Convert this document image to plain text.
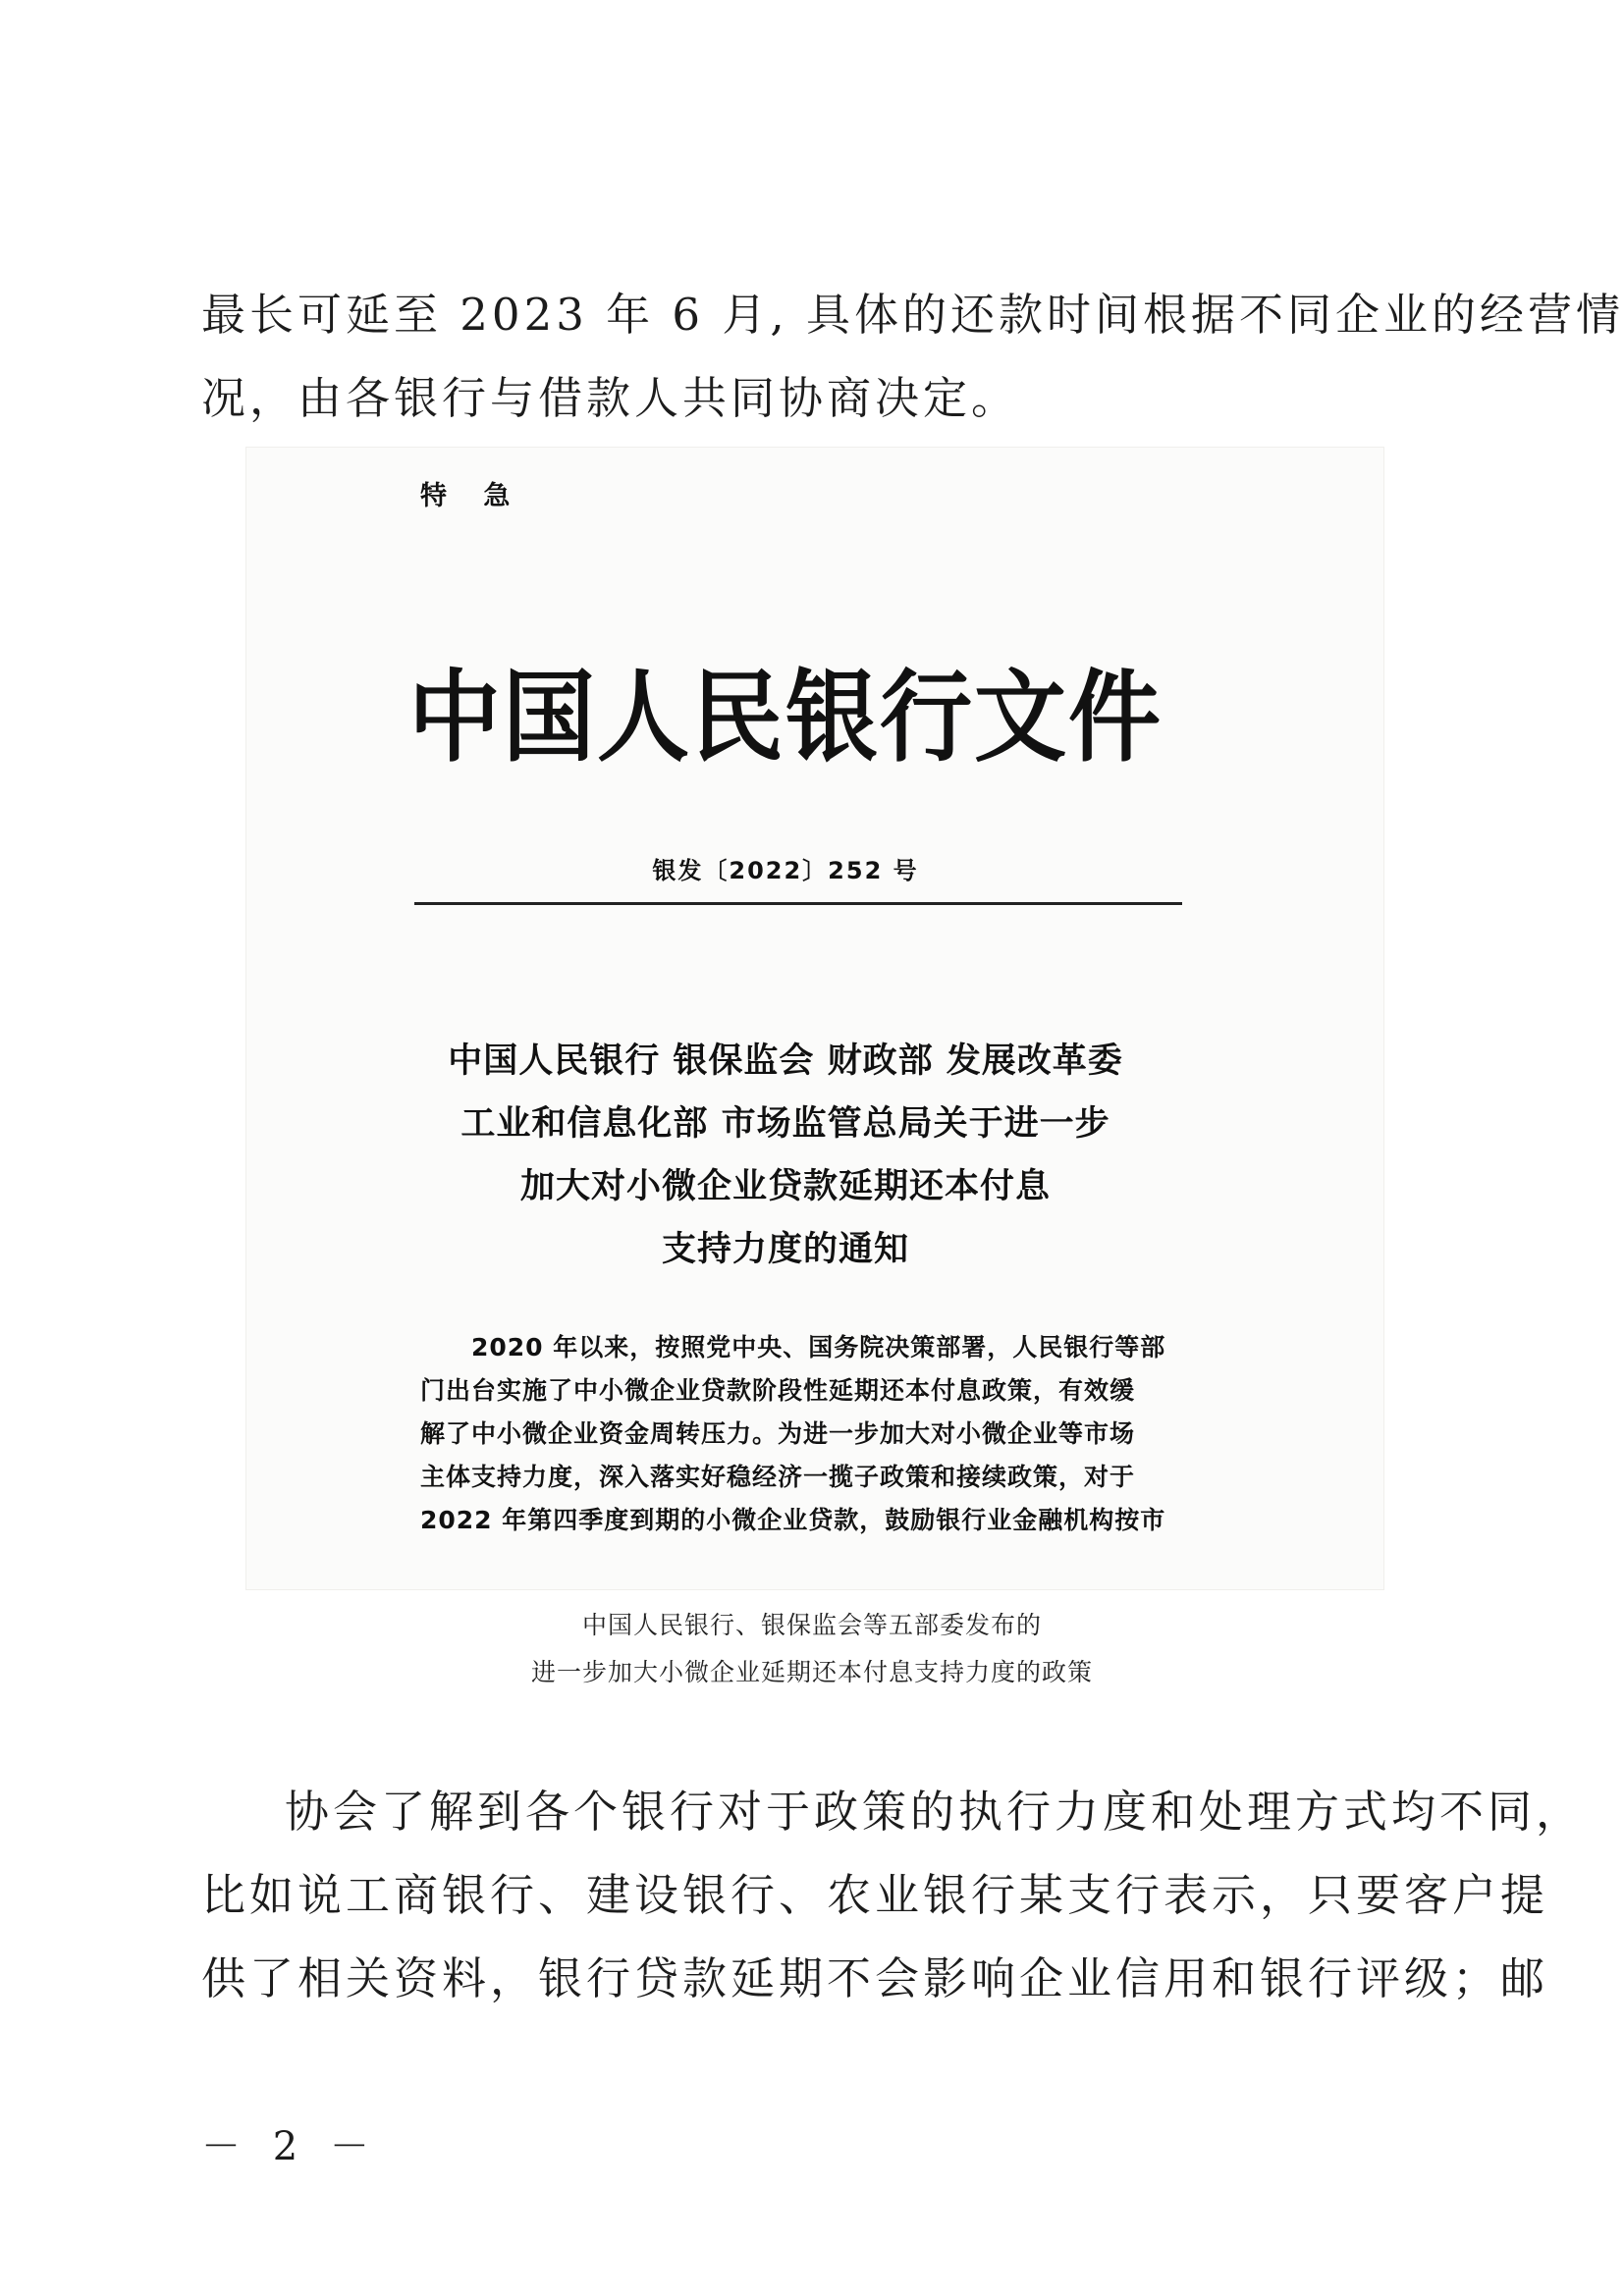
最长可延至 2023 年 6 月, 具体的还款时间根据不同企业的经营情
况，由各银行与借款人共同协商决定。
特 急
中国人民银行文件
银发〔2022〕252 号
中国人民银行 银保监会 财政部 发展改革委
工业和信息化部 市场监管总局关于进一步
加大对小微企业贷款延期还本付息
支持力度的通知
2020 年以来，按照党中央、国务院决策部署，人民银行等部
门出台实施了中小微企业贷款阶段性延期还本付息政策，有效缓
解了中小微企业资金周转压力。为进一步加大对小微企业等市场
主体支持力度，深入落实好稳经济一揽子政策和接续政策，对于
2022 年第四季度到期的小微企业贷款，鼓励银行业金融机构按市
中国人民银行、银保监会等五部委发布的
进一步加大小微企业延期还本付息支持力度的政策
协会了解到各个银行对于政策的执行力度和处理方式均不同，
比如说工商银行、建设银行、农业银行某支行表示，只要客户提
供了相关资料，银行贷款延期不会影响企业信用和银行评级；邮
－ 2 －
